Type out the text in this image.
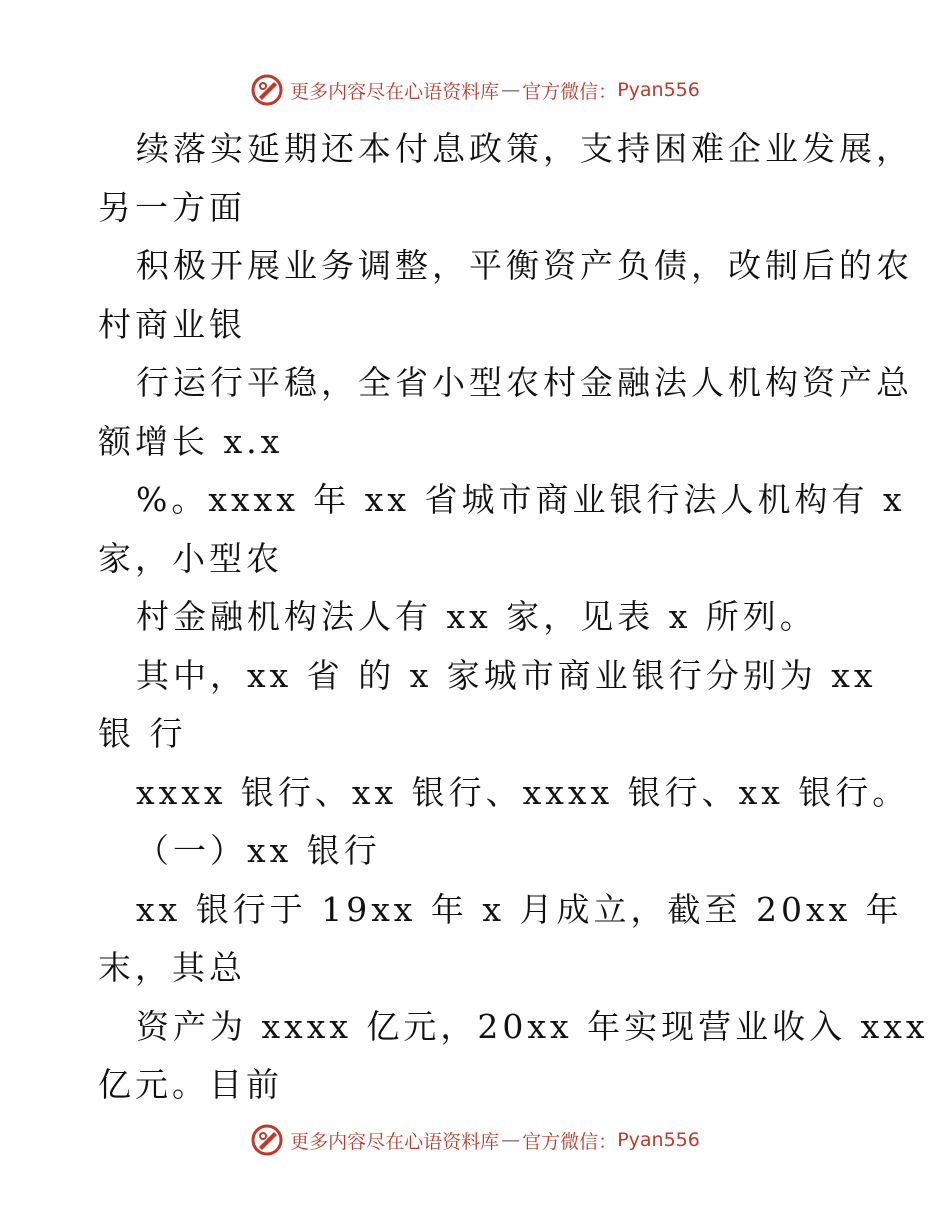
更多内容尽在心语资料库 — 官方微信： Pyan556
续落实延期还本付息政策，支持困难企业发展，
另一方面
积极开展业务调整，平衡资产负债，改制后的农
村商业银
行运行平稳，全省小型农村金融法人机构资产总
额增长 x.x
%。xxxx 年 xx 省城市商业银行法人机构有 x
家，小型农
村金融机构法人有 xx 家，见表 x 所列。
其中，xx 省 的 x 家城市商业银行分别为 xx
银 行
xxxx 银行、xx 银行、xxxx 银行、xx 银行。
（一）xx 银行
xx 银行于 19xx 年 x 月成立，截至 20xx 年
末，其总
资产为 xxxx 亿元，20xx 年实现营业收入 xxx
亿元。目前
更多内容尽在心语资料库 — 官方微信： Pyan556
